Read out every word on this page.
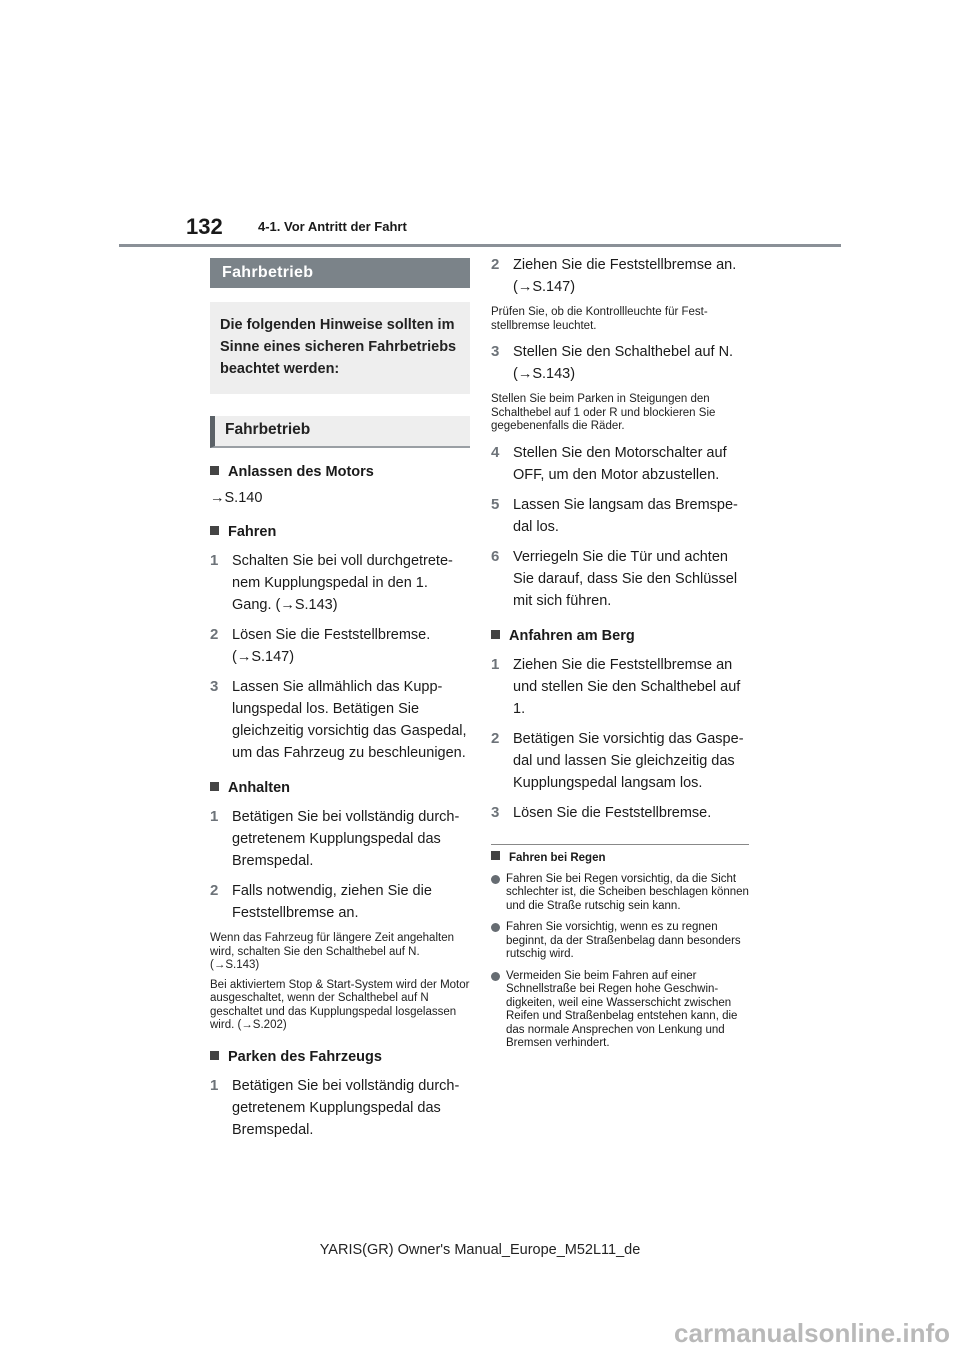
132	4-1. Vor Antritt der Fahrt
Fahrbetrieb
Die folgenden Hinweise sollten im Sinne eines sicheren Fahrbetriebs beachtet werden:
Fahrbetrieb
Anlassen des Motors
→S.140
Fahren
1 Schalten Sie bei voll durchgetretenem Kupplungspedal in den 1. Gang. (→S.143)
2 Lösen Sie die Feststellbremse. (→S.147)
3 Lassen Sie allmählich das Kupplungspedal los. Betätigen Sie gleichzeitig vorsichtig das Gaspedal, um das Fahrzeug zu beschleunigen.
Anhalten
1 Betätigen Sie bei vollständig durchgetretenem Kupplungspedal das Bremspedal.
2 Falls notwendig, ziehen Sie die Feststellbremse an.
Wenn das Fahrzeug für längere Zeit angehalten wird, schalten Sie den Schalthebel auf N. (→S.143)
Bei aktiviertem Stop & Start-System wird der Motor ausgeschaltet, wenn der Schalthebel auf N geschaltet und das Kupplungspedal losgelassen wird. (→S.202)
Parken des Fahrzeugs
1 Betätigen Sie bei vollständig durchgetretenem Kupplungspedal das Bremspedal.
2 Ziehen Sie die Feststellbremse an. (→S.147)
Prüfen Sie, ob die Kontrollleuchte für Feststellbremse leuchtet.
3 Stellen Sie den Schalthebel auf N. (→S.143)
Stellen Sie beim Parken in Steigungen den Schalthebel auf 1 oder R und blockieren Sie gegebenenfalls die Räder.
4 Stellen Sie den Motorschalter auf OFF, um den Motor abzustellen.
5 Lassen Sie langsam das Bremspedal los.
6 Verriegeln Sie die Tür und achten Sie darauf, dass Sie den Schlüssel mit sich führen.
Anfahren am Berg
1 Ziehen Sie die Feststellbremse an und stellen Sie den Schalthebel auf 1.
2 Betätigen Sie vorsichtig das Gaspedal und lassen Sie gleichzeitig das Kupplungspedal langsam los.
3 Lösen Sie die Feststellbremse.
Fahren bei Regen
Fahren Sie bei Regen vorsichtig, da die Sicht schlechter ist, die Scheiben beschlagen können und die Straße rutschig sein kann.
Fahren Sie vorsichtig, wenn es zu regnen beginnt, da der Straßenbelag dann besonders rutschig wird.
Vermeiden Sie beim Fahren auf einer Schnellstraße bei Regen hohe Geschwindigkeiten, weil eine Wasserschicht zwischen Reifen und Straßenbelag entstehen kann, die das normale Ansprechen von Lenkung und Bremsen verhindert.
YARIS(GR) Owner's Manual_Europe_M52L11_de
carmanualsonline.info
